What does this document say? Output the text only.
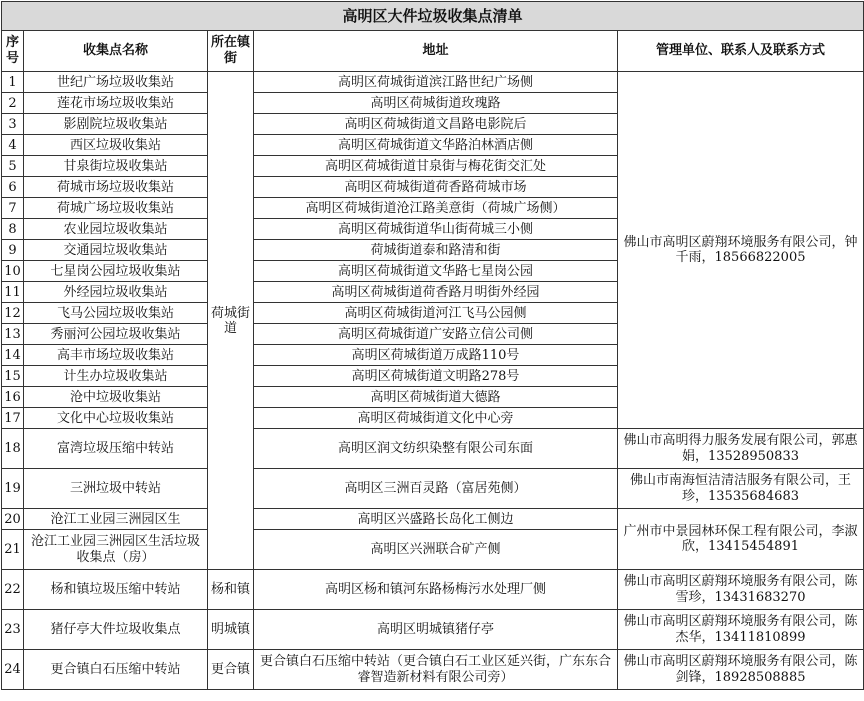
高明区大件垃圾收集点清单				
序号	收集点名称	所在镇街	地址	管理单位、联系人及联系方式
1	世纪广场垃圾收集站	荷城街道	高明区荷城街道滨江路世纪广场侧	佛山市高明区蔚翔环境服务有限公司，钟千雨，18566822005
2	莲花市场垃圾收集站		高明区荷城街道玫瑰路	
3	影剧院垃圾收集站		高明区荷城街道文昌路电影院后	
4	西区垃圾收集站		高明区荷城街道文华路泊林酒店侧	
5	甘泉街垃圾收集站		高明区荷城街道甘泉街与梅花街交汇处	
6	荷城市场垃圾收集站		高明区荷城街道荷香路荷城市场	
7	荷城广场垃圾收集站		高明区荷城街道沧江路美意街（荷城广场侧）	
8	农业园垃圾收集站		高明区荷城街道华山街荷城三小侧	
9	交通园垃圾收集站		荷城街道泰和路清和街	
10	七星岗公园垃圾收集站		高明区荷城街道文华路七星岗公园	
11	外经园垃圾收集站		高明区荷城街道荷香路月明街外经园	
12	飞马公园垃圾收集站		高明区荷城街道河江飞马公园侧	
13	秀丽河公园垃圾收集站		高明区荷城街道广安路立信公司侧	
14	高丰市场垃圾收集站		高明区荷城街道万成路110号	
15	计生办垃圾收集站		高明区荷城街道文明路278号	
16	沧中垃圾收集站		高明区荷城街道大德路	
17	文化中心垃圾收集站		高明区荷城街道文化中心旁	
18	富湾垃圾压缩中转站		高明区润文纺织染整有限公司东面	佛山市高明得力服务发展有限公司，郭惠娟，13528950833
19	三洲垃圾中转站		高明区三洲百灵路（富居苑侧）	佛山市南海恒洁清洁服务有限公司，王珍，13535684683
20	沧江工业园三洲园区生		高明区兴盛路长岛化工侧边	广州市中景园林环保工程有限公司，李淑欣，13415454891
21	沧江工业园三洲园区生活垃圾收集点（房）		高明区兴洲联合矿产侧	
22	杨和镇垃圾压缩中转站	杨和镇	高明区杨和镇河东路杨梅污水处理厂侧	佛山市高明区蔚翔环境服务有限公司，陈雪珍，13431683270
23	猪仔亭大件垃圾收集点	明城镇	高明区明城镇猪仔亭	佛山市高明区蔚翔环境服务有限公司，陈杰华，13411810899
24	更合镇白石压缩中转站	更合镇	更合镇白石压缩中转站（更合镇白石工业区延兴街，广东东合睿智造新材料有限公司旁）	佛山市高明区蔚翔环境服务有限公司，陈剑锋，18928508885
